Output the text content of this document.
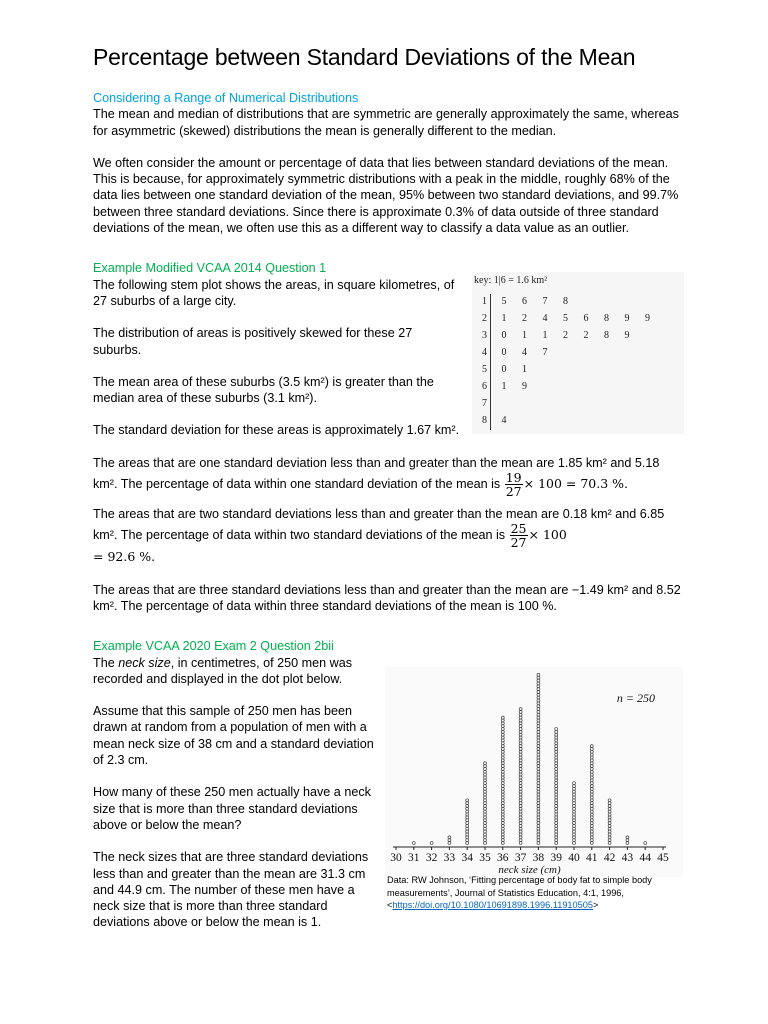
Percentage between Standard Deviations of the Mean

Considering a Range of Numerical Distributions

The mean and median of distributions that are symmetric are generally approximately the same, whereas for asymmetric (skewed) distributions the mean is generally different to the median.

We often consider the amount or percentage of data that lies between standard deviations of the mean. This is because, for approximately symmetric distributions with a peak in the middle, roughly 68% of the data lies between one standard deviation of the mean, 95% between two standard deviations, and 99.7% between three standard deviations. Since there is approximate 0.3% of data outside of three standard deviations of the mean, we often use this as a different way to classify a data value as an outlier.

Example Modified VCAA 2014 Question 1

The following stem plot shows the areas, in square kilometres, of 27 suburbs of a large city.

The distribution of areas is positively skewed for these 27 suburbs.

The mean area of these suburbs (3.5 km²) is greater than the median area of these suburbs (3.1 km²).

The standard deviation for these areas is approximately 1.67 km².

The areas that are one standard deviation less than and greater than the mean are 1.85 km² and 5.18 km². The percentage of data within one standard deviation of the mean is $\frac{19}{27} \times 100 = 70.3$ %.

The areas that are two standard deviations less than and greater than the mean are 0.18 km² and 6.85 km². The percentage of data within two standard deviations of the mean is $\frac{25}{27} \times 100$
= 92.6 %.

The areas that are three standard deviations less than and greater than the mean are −1.49 km² and 8.52 km². The percentage of data within three standard deviations of the mean is 100 %.

Example VCAA 2020 Exam 2 Question 2bii

The neck size, in centimetres, of 250 men was recorded and displayed in the dot plot below.

Assume that this sample of 250 men has been drawn at random from a population of men with a mean neck size of 38 cm and a standard deviation of 2.3 cm.

How many of these 250 men actually have a neck size that is more than three standard deviations above or below the mean?

The neck sizes that are three standard deviations less than and greater than the mean are 31.3 cm and 44.9 cm. The number of these men have a neck size that is more than three standard deviations above or below the mean is 1.

key: 1|6 = 1.6 km²
1 5 6 7 8
2 1 2 4 5 6 8 9 9
3 0 1 1 2 2 8 9
4 0 4 7
5 0 1
6 1 9
7
8 4
30 31 32 33 34 35 36 37 38 39 40 41 42 43 44 45
neck size (cm)
n = 250
Data: RW Johnson, ‘Fitting percentage of body fat to simple body measurements’, Journal of Statistics Education, 4:1, 1996, <https://doi.org/10.1080/10691898.1996.11910505>
